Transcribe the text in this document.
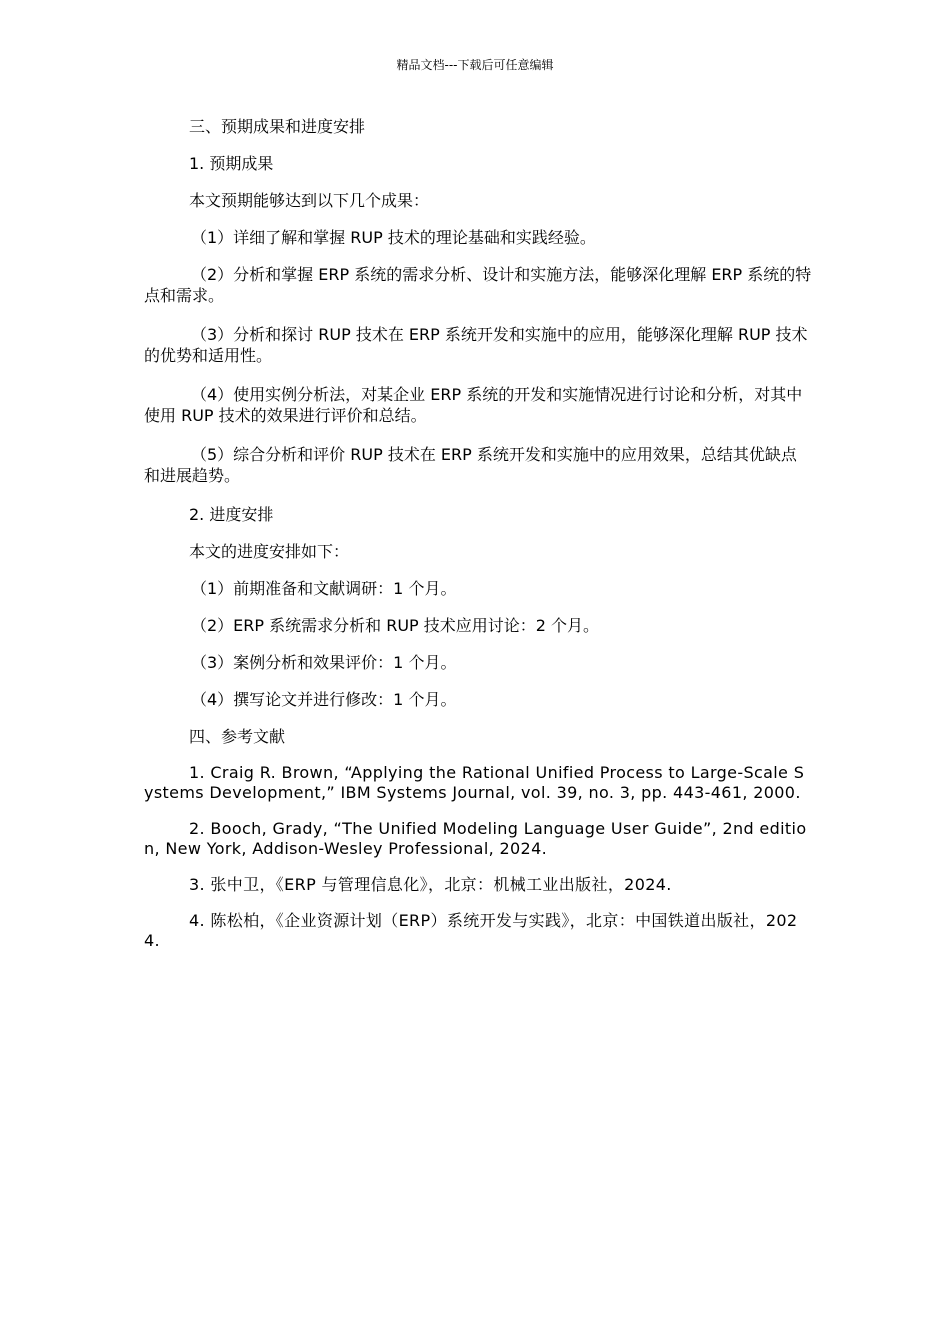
精品文档---下载后可任意编辑

三、预期成果和进度安排

1. 预期成果

本文预期能够达到以下几个成果：

（1）详细了解和掌握 RUP 技术的理论基础和实践经验。

（2）分析和掌握 ERP 系统的需求分析、设计和实施方法，能够深化理解 ERP 系统的特点和需求。

（3）分析和探讨 RUP 技术在 ERP 系统开发和实施中的应用，能够深化理解 RUP 技术的优势和适用性。

（4）使用实例分析法，对某企业 ERP 系统的开发和实施情况进行讨论和分析，对其中使用 RUP 技术的效果进行评价和总结。

（5）综合分析和评价 RUP 技术在 ERP 系统开发和实施中的应用效果，总结其优缺点和进展趋势。

2. 进度安排

本文的进度安排如下：

（1）前期准备和文献调研：1 个月。

（2）ERP 系统需求分析和 RUP 技术应用讨论：2 个月。

（3）案例分析和效果评价：1 个月。

（4）撰写论文并进行修改：1 个月。

四、参考文献

1. Craig R. Brown, “Applying the Rational Unified Process to Large-Scale Systems Development,” IBM Systems Journal, vol. 39, no. 3, pp. 443-461, 2000.

2. Booch, Grady, “The Unified Modeling Language User Guide”, 2nd edition, New York, Addison-Wesley Professional, 2024.

3. 张中卫，《ERP 与管理信息化》，北京：机械工业出版社，2024.

4. 陈松柏，《企业资源计划（ERP）系统开发与实践》，北京：中国铁道出版社，2024.
